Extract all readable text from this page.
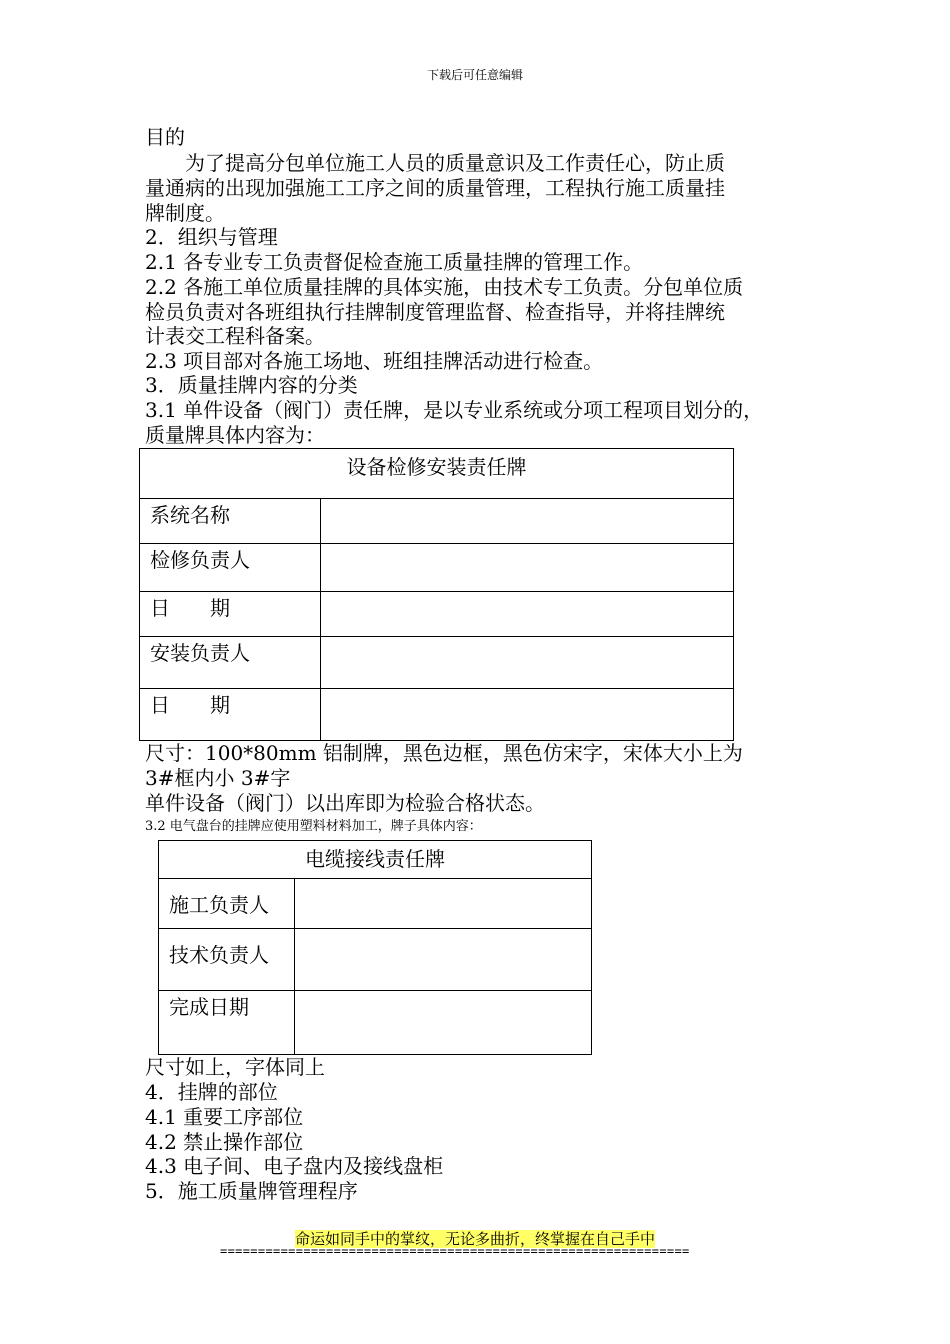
下载后可任意编辑
目的
为了提高分包单位施工人员的质量意识及工作责任心，防止质
量通病的出现加强施工工序之间的质量管理，工程执行施工质量挂
牌制度。
2．组织与管理
2.1 各专业专工负责督促检查施工质量挂牌的管理工作。
2.2 各施工单位质量挂牌的具体实施，由技术专工负责。分包单位质
检员负责对各班组执行挂牌制度管理监督、检查指导，并将挂牌统
计表交工程科备案。
2.3 项目部对各施工场地、班组挂牌活动进行检查。
3．质量挂牌内容的分类
3.1 单件设备（阀门）责任牌，是以专业系统或分项工程项目划分的，
质量牌具体内容为：
设备检修安装责任牌	
系统名称	
检修负责人	
日　　期	
安装负责人	
日　　期	
尺寸：100*80mm 铝制牌，黑色边框，黑色仿宋字，宋体大小上为
3#框内小 3#字
单件设备（阀门）以出库即为检验合格状态。
3.2 电气盘台的挂牌应使用塑料材料加工，牌子具体内容：
电缆接线责任牌	
施工负责人	
技术负责人	
完成日期	
尺寸如上，字体同上
4．挂牌的部位
4.1 重要工序部位
4.2 禁止操作部位
4.3 电子间、电子盘内及接线盘柜
5．施工质量牌管理程序
命运如同手中的掌纹，无论多曲折，终掌握在自己手中
==============================================================
